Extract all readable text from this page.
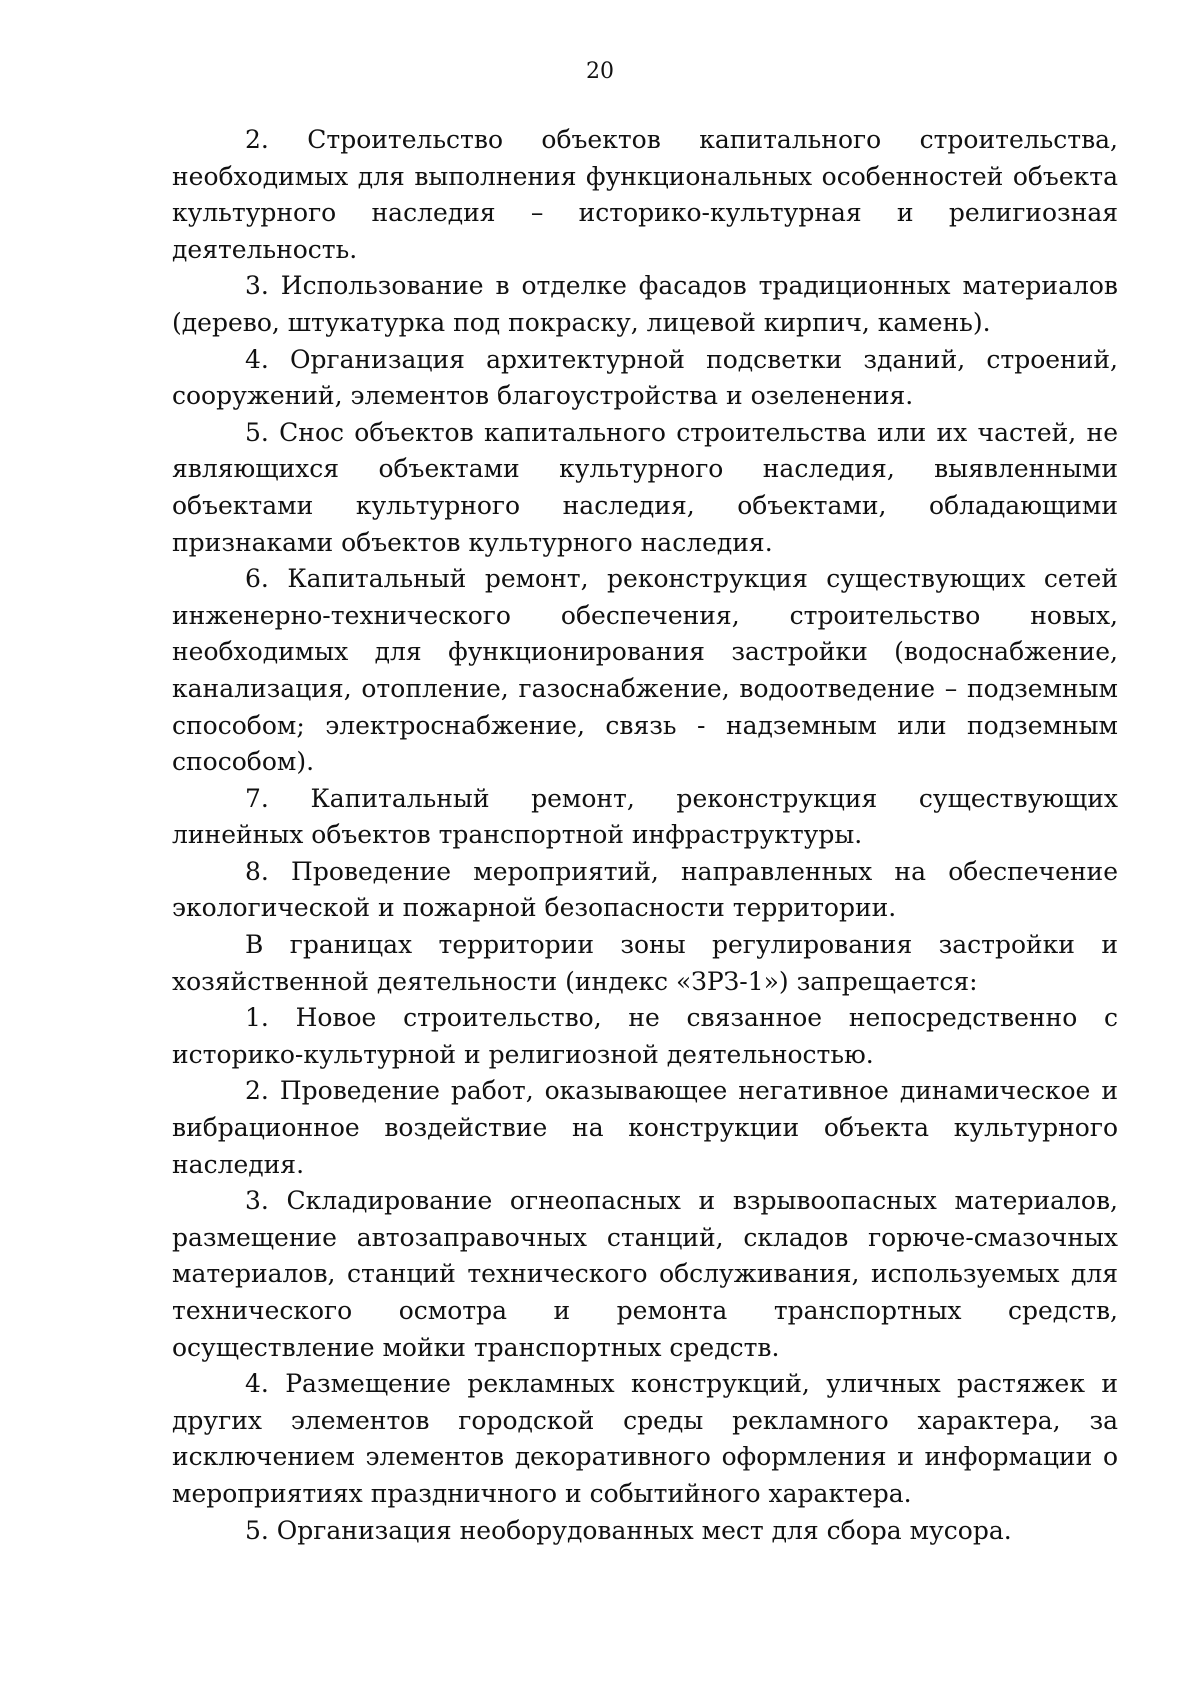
20

2. Строительство объектов капитального строительства, необходимых для выполнения функциональных особенностей объекта культурного наследия – историко-культурная и религиозная деятельность.

3. Использование в отделке фасадов традиционных материалов (дерево, штукатурка под покраску, лицевой кирпич, камень).

4. Организация архитектурной подсветки зданий, строений, сооружений, элементов благоустройства и озеленения.

5. Снос объектов капитального строительства или их частей, не являющихся объектами культурного наследия, выявленными объектами культурного наследия, объектами, обладающими признаками объектов культурного наследия.

6. Капитальный ремонт, реконструкция существующих сетей инженерно-технического обеспечения, строительство новых, необходимых для функционирования застройки (водоснабжение, канализация, отопление, газоснабжение, водоотведение – подземным способом; электроснабжение, связь - надземным или подземным способом).

7. Капитальный ремонт, реконструкция существующих линейных объектов транспортной инфраструктуры.

8. Проведение мероприятий, направленных на обеспечение экологической и пожарной безопасности территории.

В границах территории зоны регулирования застройки и хозяйственной деятельности (индекс «ЗРЗ-1») запрещается:

1. Новое строительство, не связанное непосредственно с историко-культурной и религиозной деятельностью.

2. Проведение работ, оказывающее негативное динамическое и вибрационное воздействие на конструкции объекта культурного наследия.

3. Складирование огнеопасных и взрывоопасных материалов, размещение автозаправочных станций, складов горюче-смазочных материалов, станций технического обслуживания, используемых для технического осмотра и ремонта транспортных средств, осуществление мойки транспортных средств.

4. Размещение рекламных конструкций, уличных растяжек и других элементов городской среды рекламного характера, за исключением элементов декоративного оформления и информации о мероприятиях праздничного и событийного характера.

5. Организация необорудованных мест для сбора мусора.
